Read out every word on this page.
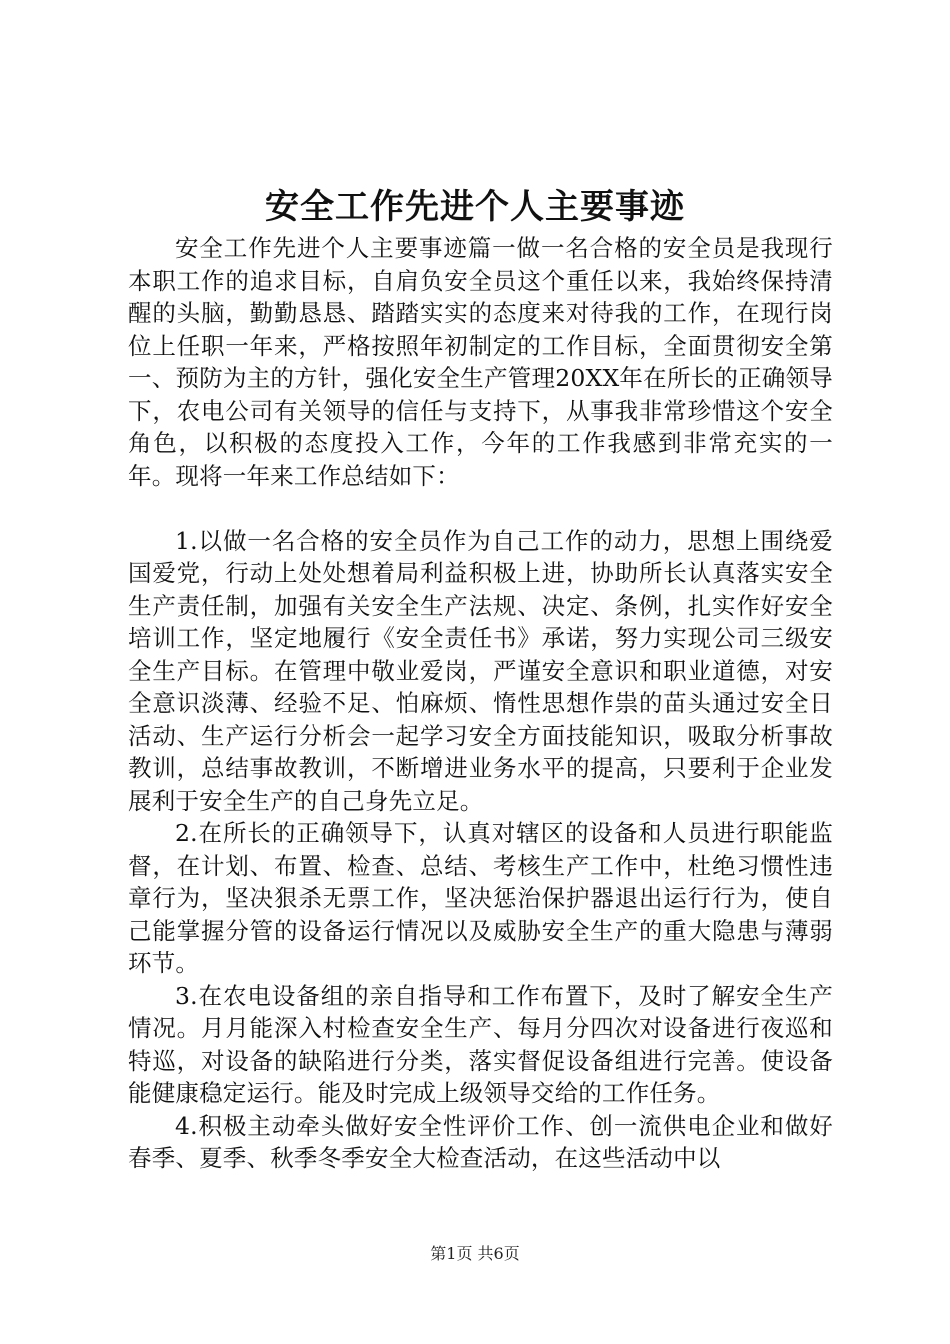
安全工作先进个人主要事迹

安全工作先进个人主要事迹篇一做一名合格的安全员是我现行本职工作的追求目标，自肩负安全员这个重任以来，我始终保持清醒的头脑，勤勤恳恳、踏踏实实的态度来对待我的工作，在现行岗位上任职一年来，严格按照年初制定的工作目标，全面贯彻安全第一、预防为主的方针，强化安全生产管理20XX年在所长的正确领导下，农电公司有关领导的信任与支持下，从事我非常珍惜这个安全角色，以积极的态度投入工作，今年的工作我感到非常充实的一年。现将一年来工作总结如下：

1.以做一名合格的安全员作为自己工作的动力，思想上围绕爱国爱党，行动上处处想着局利益积极上进，协助所长认真落实安全生产责任制，加强有关安全生产法规、决定、条例，扎实作好安全培训工作，坚定地履行《安全责任书》承诺，努力实现公司三级安全生产目标。在管理中敬业爱岗，严谨安全意识和职业道德，对安全意识淡薄、经验不足、怕麻烦、惰性思想作祟的苗头通过安全日活动、生产运行分析会一起学习安全方面技能知识，吸取分析事故教训，总结事故教训，不断增进业务水平的提高，只要利于企业发展利于安全生产的自己身先立足。

2.在所长的正确领导下，认真对辖区的设备和人员进行职能监督，在计划、布置、检查、总结、考核生产工作中，杜绝习惯性违章行为，坚决狠杀无票工作，坚决惩治保护器退出运行行为，使自己能掌握分管的设备运行情况以及威胁安全生产的重大隐患与薄弱环节。

3.在农电设备组的亲自指导和工作布置下，及时了解安全生产情况。月月能深入村检查安全生产、每月分四次对设备进行夜巡和特巡，对设备的缺陷进行分类，落实督促设备组进行完善。使设备能健康稳定运行。能及时完成上级领导交给的工作任务。

4.积极主动牵头做好安全性评价工作、创一流供电企业和做好春季、夏季、秋季冬季安全大检查活动，在这些活动中以

第1页 共6页
